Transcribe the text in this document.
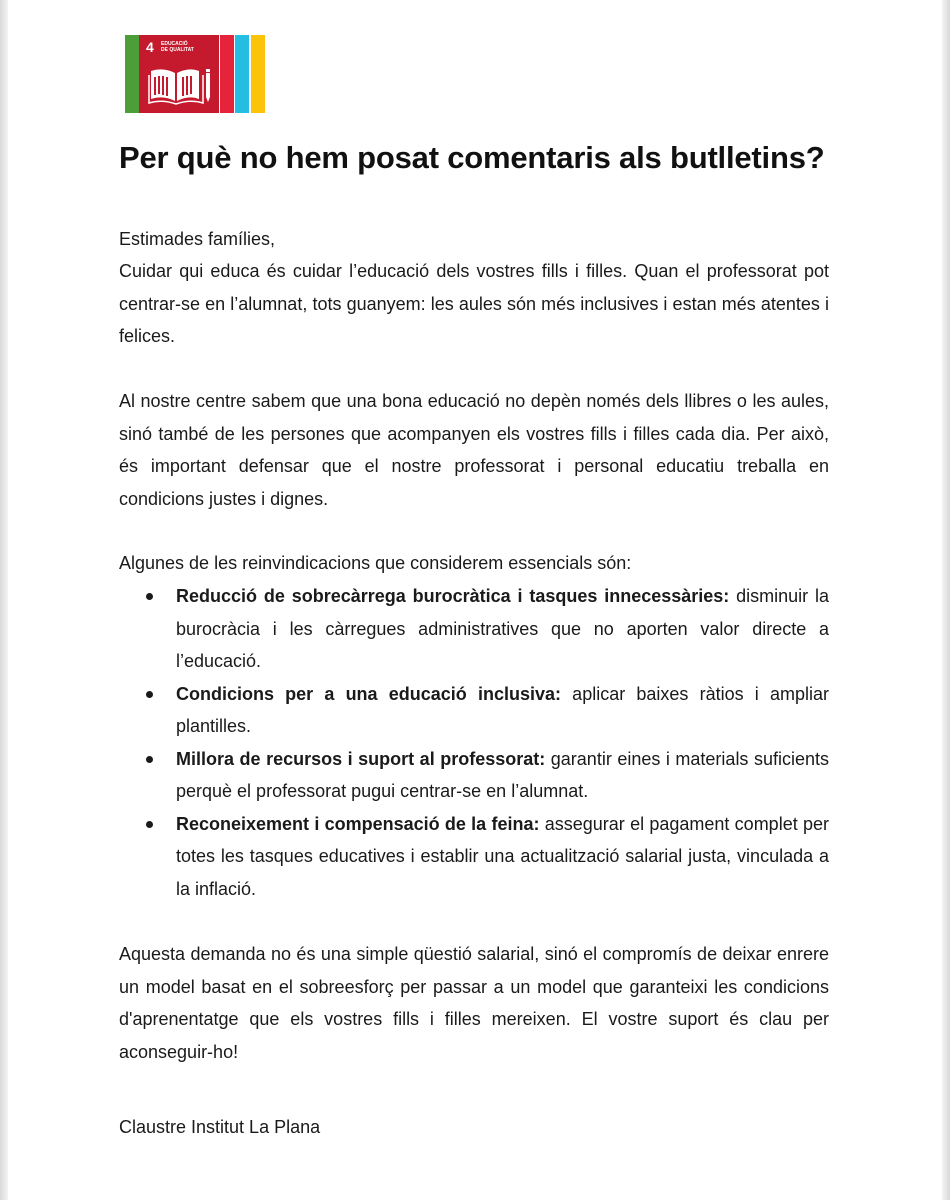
4 EDUCACIÓ
DE QUALITAT
Per què no hem posat comentaris als butlletins?

Estimades famílies,

Cuidar qui educa és cuidar l’educació dels vostres fills i filles. Quan el professorat pot centrar-se en l’alumnat, tots guanyem: les aules són més inclusives i estan més atentes i felices.

Al nostre centre sabem que una bona educació no depèn només dels llibres o les aules, sinó també de les persones que acompanyen els vostres fills i filles cada dia. Per això, és important defensar que el nostre professorat i personal educatiu treballa en condicions justes i dignes.

Algunes de les reinvindicacions que considerem essencials són:

Reducció de sobrecàrrega burocràtica i tasques innecessàries: disminuir la burocràcia i les càrregues administratives que no aporten valor directe a l’educació.
Condicions per a una educació inclusiva: aplicar baixes ràtios i ampliar plantilles.
Millora de recursos i suport al professorat: garantir eines i materials suficients perquè el professorat pugui centrar-se en l’alumnat.
Reconeixement i compensació de la feina: assegurar el pagament complet per totes les tasques educatives i establir una actualització salarial justa, vinculada a la inflació.

Aquesta demanda no és una simple qüestió salarial, sinó el compromís de deixar enrere un model basat en el sobreesforç per passar a un model que garanteixi les condicions d'aprenentatge que els vostres fills i filles mereixen. El vostre suport és clau per aconseguir-ho!

Claustre Institut La Plana
